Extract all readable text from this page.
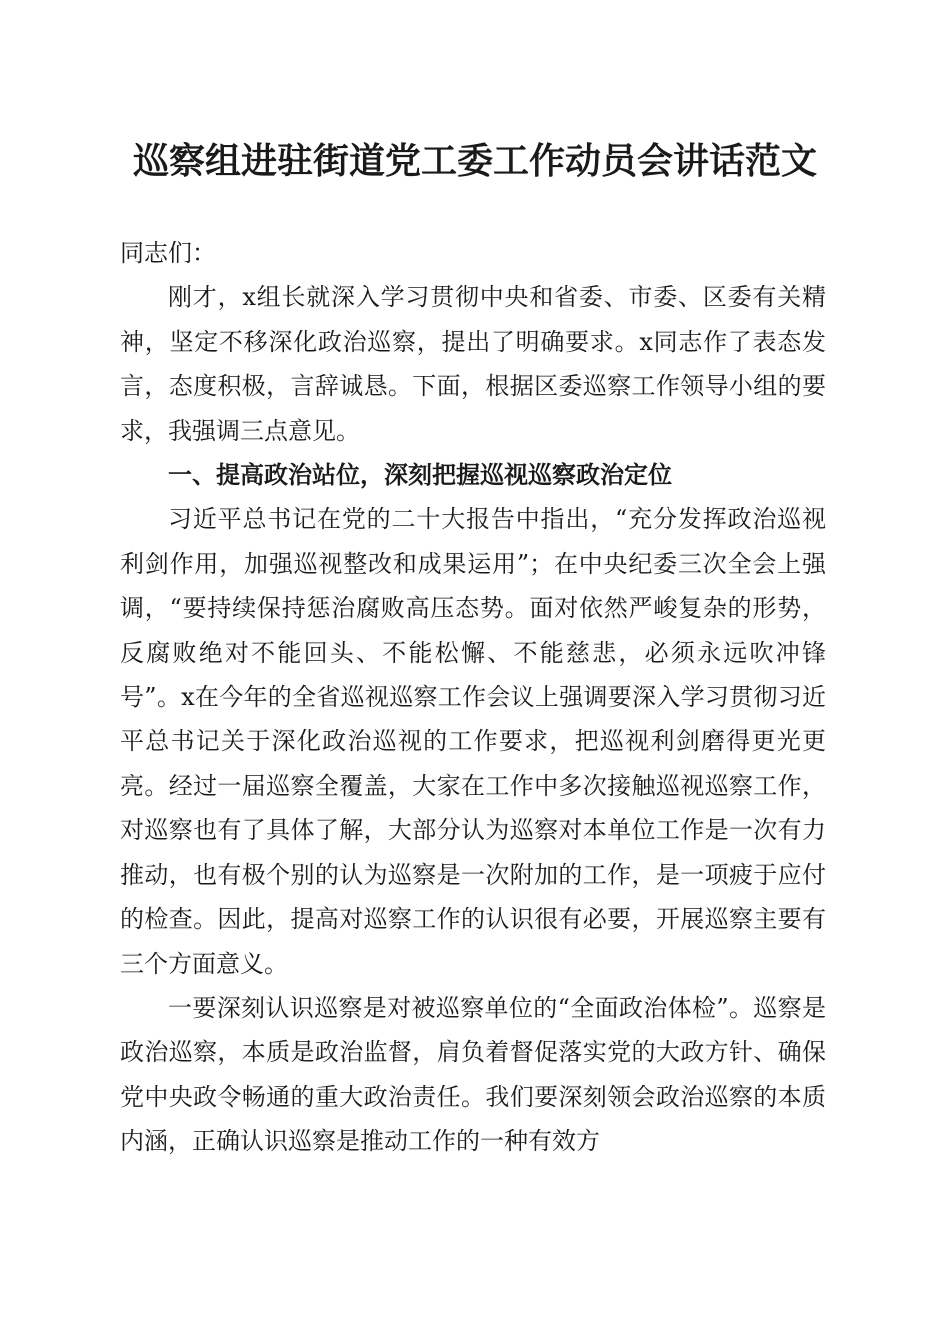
巡察组进驻街道党工委工作动员会讲话范文

同志们：

刚才，x组长就深入学习贯彻中央和省委、市委、区委有关精神，坚定不移深化政治巡察，提出了明确要求。x同志作了表态发言，态度积极，言辞诚恳。下面，根据区委巡察工作领导小组的要求，我强调三点意见。

一、提高政治站位，深刻把握巡视巡察政治定位

习近平总书记在党的二十大报告中指出，“充分发挥政治巡视利剑作用，加强巡视整改和成果运用”；在中央纪委三次全会上强调，“要持续保持惩治腐败高压态势。面对依然严峻复杂的形势，反腐败绝对不能回头、不能松懈、不能慈悲，必须永远吹冲锋号”。x在今年的全省巡视巡察工作会议上强调要深入学习贯彻习近平总书记关于深化政治巡视的工作要求，把巡视利剑磨得更光更亮。经过一届巡察全覆盖，大家在工作中多次接触巡视巡察工作，对巡察也有了具体了解，大部分认为巡察对本单位工作是一次有力推动，也有极个别的认为巡察是一次附加的工作，是一项疲于应付的检查。因此，提高对巡察工作的认识很有必要，开展巡察主要有三个方面意义。

一要深刻认识巡察是对被巡察单位的“全面政治体检”。巡察是政治巡察，本质是政治监督，肩负着督促落实党的大政方针、确保党中央政令畅通的重大政治责任。我们要深刻领会政治巡察的本质内涵，正确认识巡察是推动工作的一种有效方
